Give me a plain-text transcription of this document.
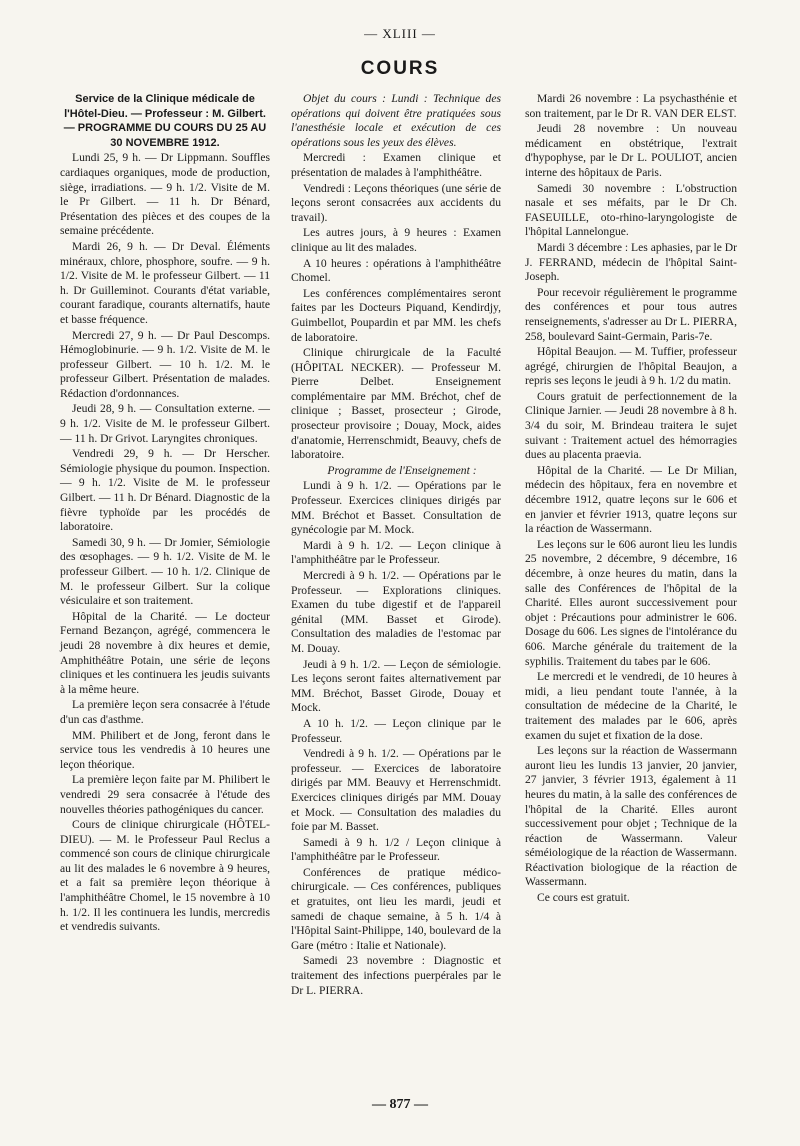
— XLIII —
COURS

Service de la Clinique médicale de l'Hôtel-Dieu. — Professeur : M. Gilbert. — PROGRAMME DU COURS DU 25 AU 30 NOVEMBRE 1912.

Lundi 25, 9 h. — Dr Lippmann. Souffles cardiaques organiques, mode de production, siège, irradiations. — 9 h. 1/2. Visite de M. le Pr Gilbert. — 11 h. Dr Bénard, Présentation des pièces et des coupes de la semaine précédente.

Mardi 26, 9 h. — Dr Deval. Éléments minéraux, chlore, phosphore, soufre. — 9 h. 1/2. Visite de M. le professeur Gilbert. — 11 h. Dr Guilleminot. Courants d'état variable, courant faradique, courants alternatifs, haute et basse fréquence.

Mercredi 27, 9 h. — Dr Paul Descomps. Hémoglobinurie. — 9 h. 1/2. Visite de M. le professeur Gilbert. — 10 h. 1/2. M. le professeur Gilbert. Présentation de malades. Rédaction d'ordonnances.

Jeudi 28, 9 h. — Consultation externe. — 9 h. 1/2. Visite de M. le professeur Gilbert. — 11 h. Dr Grivot. Laryngites chroniques.

Vendredi 29, 9 h. — Dr Herscher. Sémiologie physique du poumon. Inspection. — 9 h. 1/2. Visite de M. le professeur Gilbert. — 11 h. Dr Bénard. Diagnostic de la fièvre typhoïde par les procédés de laboratoire.

Samedi 30, 9 h. — Dr Jomier, Sémiologie des œsophages. — 9 h. 1/2. Visite de M. le professeur Gilbert. — 10 h. 1/2. Clinique de M. le professeur Gilbert. Sur la colique vésiculaire et son traitement.

Hôpital de la Charité. — Le docteur Fernand Bezançon, agrégé, commencera le jeudi 28 novembre à dix heures et demie, Amphithéâtre Potain, une série de leçons cliniques et les continuera les jeudis suivants à la même heure.

La première leçon sera consacrée à l'étude d'un cas d'asthme.

MM. Philibert et de Jong, feront dans le service tous les vendredis à 10 heures une leçon théorique.

La première leçon faite par M. Philibert le vendredi 29 sera consacrée à l'étude des nouvelles théories pathogéniques du cancer.

Cours de clinique chirurgicale (HÔTEL-DIEU). — M. le Professeur Paul Reclus a commencé son cours de clinique chirurgicale au lit des malades le 6 novembre à 9 heures, et a fait sa première leçon théorique à l'amphithéâtre Chomel, le 15 novembre à 10 h. 1/2. Il les continuera les lundis, mercredis et vendredis suivants.

Objet du cours : Lundi : Technique des opérations qui doivent être pratiquées sous l'anesthésie locale et exécution de ces opérations sous les yeux des élèves.

Mercredi : Examen clinique et présentation de malades à l'amphithéâtre.

Vendredi : Leçons théoriques (une série de leçons seront consacrées aux accidents du travail).

Les autres jours, à 9 heures : Examen clinique au lit des malades.

A 10 heures : opérations à l'amphithéâtre Chomel.

Les conférences complémentaires seront faites par les Docteurs Piquand, Kendirdjy, Guimbellot, Poupardin et par MM. les chefs de laboratoire.

Clinique chirurgicale de la Faculté (HÔPITAL NECKER). — Professeur M. Pierre Delbet. Enseignement complémentaire par MM. Bréchot, chef de clinique ; Basset, prosecteur ; Girode, prosecteur provisoire ; Douay, Mock, aides d'anatomie, Herrenschmidt, Beauvy, chefs de laboratoire.

Programme de l'Enseignement :

Lundi à 9 h. 1/2. — Opérations par le Professeur. Exercices cliniques dirigés par MM. Bréchot et Basset. Consultation de gynécologie par M. Mock.

Mardi à 9 h. 1/2. — Leçon clinique à l'amphithéâtre par le Professeur.

Mercredi à 9 h. 1/2. — Opérations par le Professeur. — Explorations cliniques. Examen du tube digestif et de l'appareil génital (MM. Basset et Girode). Consultation des maladies de l'estomac par M. Douay.

Jeudi à 9 h. 1/2. — Leçon de sémiologie. Les leçons seront faites alternativement par MM. Bréchot, Basset Girode, Douay et Mock.

A 10 h. 1/2. — Leçon clinique par le Professeur.

Vendredi à 9 h. 1/2. — Opérations par le professeur. — Exercices de laboratoire dirigés par MM. Beauvy et Herrenschmidt. Exercices cliniques dirigés par MM. Douay et Mock. — Consultation des maladies du foie par M. Basset.

Samedi à 9 h. 1/2 / Leçon clinique à l'amphithéâtre par le Professeur.

Conférences de pratique médico-chirurgicale. — Ces conférences, publiques et gratuites, ont lieu les mardi, jeudi et samedi de chaque semaine, à 5 h. 1/4 à l'Hôpital Saint-Philippe, 140, boulevard de la Gare (métro : Italie et Nationale).

Samedi 23 novembre : Diagnostic et traitement des infections puerpérales par le Dr L. PIERRA.

Mardi 26 novembre : La psychasthénie et son traitement, par le Dr R. VAN DER ELST.

Jeudi 28 novembre : Un nouveau médicament en obstétrique, l'extrait d'hypophyse, par le Dr L. POULIOT, ancien interne des hôpitaux de Paris.

Samedi 30 novembre : L'obstruction nasale et ses méfaits, par le Dr Ch. FASEUILLE, oto-rhino-laryngologiste de l'hôpital Lannelongue.

Mardi 3 décembre : Les aphasies, par le Dr J. FERRAND, médecin de l'hôpital Saint-Joseph.

Pour recevoir régulièrement le programme des conférences et pour tous autres renseignements, s'adresser au Dr L. PIERRA, 258, boulevard Saint-Germain, Paris-7e.

Hôpital Beaujon. — M. Tuffier, professeur agrégé, chirurgien de l'hôpital Beaujon, a repris ses leçons le jeudi à 9 h. 1/2 du matin.

Cours gratuit de perfectionnement de la Clinique Jarnier. — Jeudi 28 novembre à 8 h. 3/4 du soir, M. Brindeau traitera le sujet suivant : Traitement actuel des hémorragies dues au placenta praevia.

Hôpital de la Charité. — Le Dr Milian, médecin des hôpitaux, fera en novembre et décembre 1912, quatre leçons sur le 606 et en janvier et février 1913, quatre leçons sur la réaction de Wassermann.

Les leçons sur le 606 auront lieu les lundis 25 novembre, 2 décembre, 9 décembre, 16 décembre, à onze heures du matin, dans la salle des Conférences de l'hôpital de la Charité. Elles auront successivement pour objet : Précautions pour administrer le 606. Dosage du 606. Les signes de l'intolérance du 606. Marche générale du traitement de la syphilis. Traitement du tabes par le 606.

Le mercredi et le vendredi, de 10 heures à midi, a lieu pendant toute l'année, à la consultation de médecine de la Charité, le traitement des malades par le 606, après examen du sujet et fixation de la dose.

Les leçons sur la réaction de Wassermann auront lieu les lundis 13 janvier, 20 janvier, 27 janvier, 3 février 1913, également à 11 heures du matin, à la salle des conférences de l'hôpital de la Charité. Elles auront successivement pour objet ; Technique de la réaction de Wassermann. Valeur séméiologique de la réaction de Wassermann. Réactivation biologique de la réaction de Wassermann.

Ce cours est gratuit.

— 877 —
